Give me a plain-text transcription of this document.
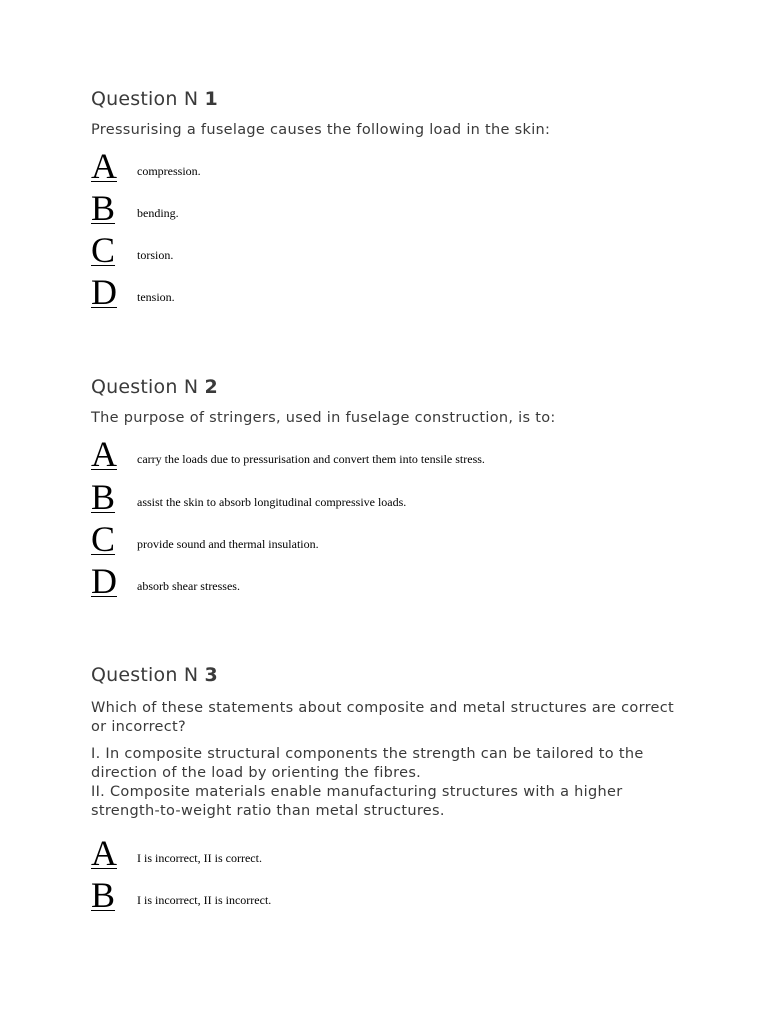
Question N 1

Pressurising a fuselage causes the following load in the skin:

A compression.
B bending.
C torsion.
D tension.
Question N 2

The purpose of stringers, used in fuselage construction, is to:

A carry the loads due to pressurisation and convert them into tensile stress.
B assist the skin to absorb longitudinal compressive loads.
C provide sound and thermal insulation.
D absorb shear stresses.
Question N 3

Which of these statements about composite and metal structures are correct or incorrect?

I. In composite structural components the strength can be tailored to the direction of the load by orienting the fibres.

II. Composite materials enable manufacturing structures with a higher strength-to-weight ratio than metal structures.

A I is incorrect, II is correct.
B I is incorrect, II is incorrect.
